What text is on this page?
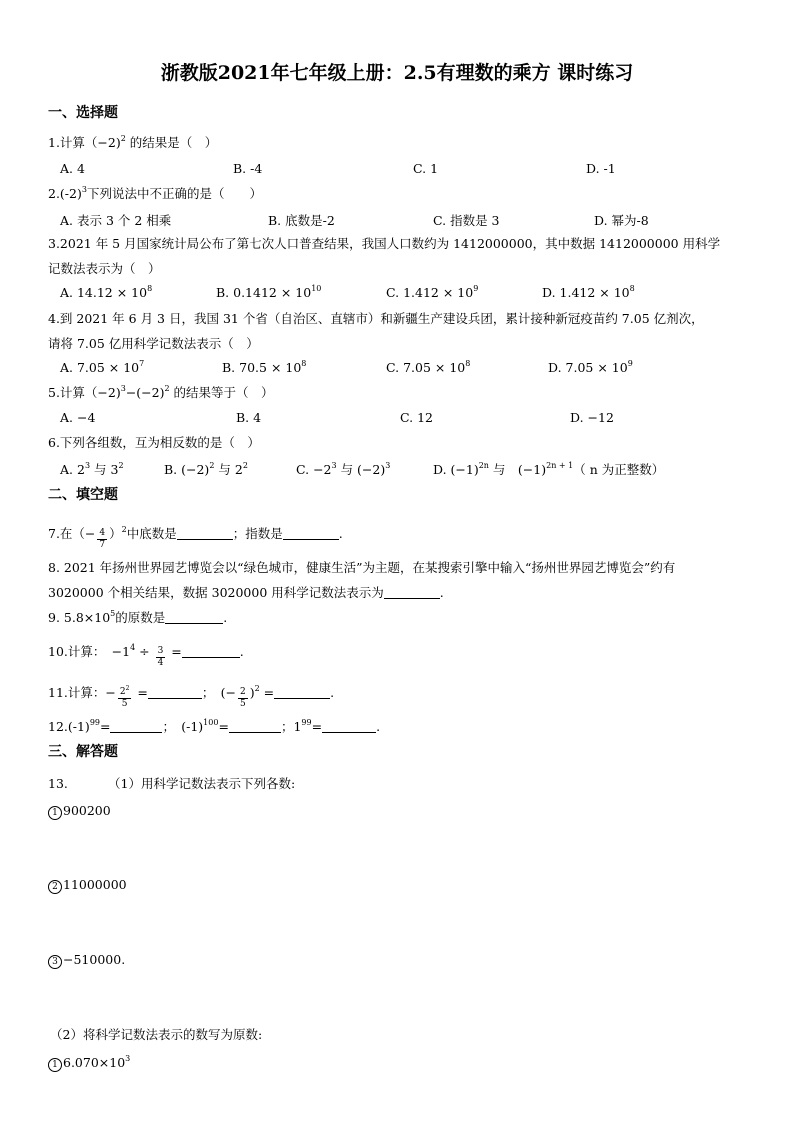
浙教版2021年七年级上册：2.5有理数的乘方 课时练习
一、选择题
1.计算（−2)$^2$ 的结果是（　）
A. 4	B. -4	C. 1	D. -1
$2.(-2)^3$下列说法中不正确的是（　　）
A. 表示 3 个 2 相乘	B. 底数是-2	C. 指数是 3	D. 幂为-8
3.2021 年 5 月国家统计局公布了第七次人口普查结果，我国人口数约为 1412000000，其中数据 1412000000 用科学
记数法表示为（　）
A. $14.12 \times 10^8$	B. $0.1412 \times 10^{10}$	C. $1.412 \times 10^9$	D. $1.412 \times 10^8$
4.到 2021 年 6 月 3 日，我国 31 个省（自治区、直辖市）和新疆生产建设兵团，累计接种新冠疫苗约 7.05 亿剂次，
请将 7.05 亿用科学记数法表示（　）
A. $7.05 \times 10^7$	B. $70.5 \times 10^8$	C. $7.05 \times 10^8$	D. $7.05 \times 10^9$
5.计算$(-2)^3-(-2)^2$ 的结果等于（　）
A. −4	B. 4	C. 12	D. −12
6.下列各组数，互为相反数的是（　）
A. $2^3$ 与 $3^2$	B. $(-2)^2$ 与 $2^2$	C. $-2^3$ 与 $(-2)^3$	D. $(-1)^{2n}$ 与　$(-1)^{2n + 1}$（ n 为正整数）
二、填空题
7.在（− $\frac{4}{7} )^2$中底数是	；指数是	.
8. 2021 年扬州世界园艺博览会以“绿色城市，健康生活”为主题，在某搜索引擎中输入“扬州世界园艺博览会”约有
3020000 个相关结果，数据 3020000 用科学记数法表示为	.
9. $5.8\times 10^5$的原数是	.
10.计算：　$-1^4 \div \frac{3}{4}$ =	.
11.计算：− $\frac{2^2}{5}$ =	；　(− $\frac{2}{5} )^2$ =	.
$12.(-1)^{99}=$	；　$(-1)^{100}=$	；$1^{99}=$	.
三、解答题
13.	（1）用科学记数法表示下列各数:
1 900200
2 11000000
3 −510000.
（2）将科学记数法表示的数写为原数:
1 $6.070\times 10^3$
